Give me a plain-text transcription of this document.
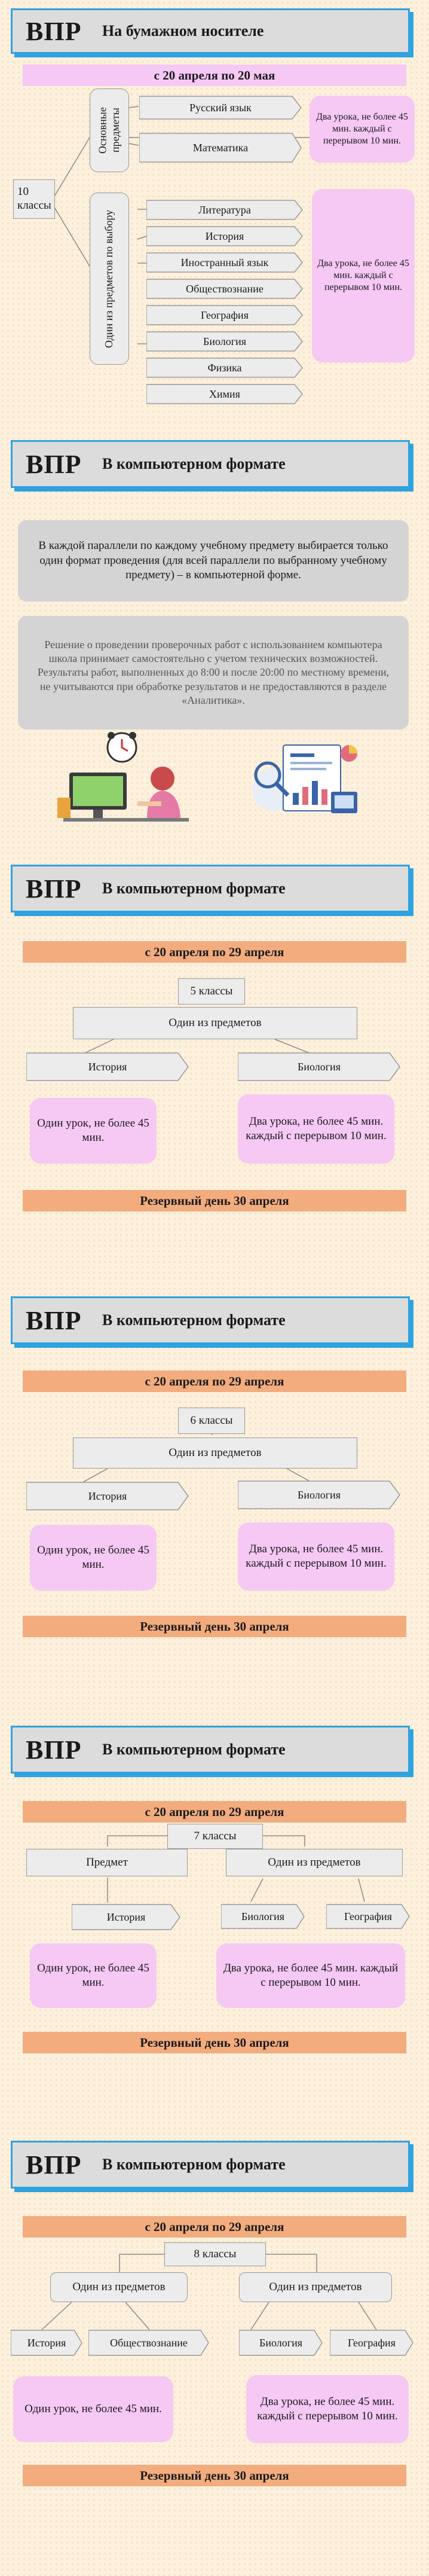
ВПР	На бумажном носителе
с 20 апреля по 20 мая
10 классы
Основные предметы
Один из предметов по выбору
Русский язык
Математика
Два урока, не более 45 мин. каждый с перерывом 10 мин.
Литература
История
Иностранный язык
Обществознание
География
Биология
Физика
Химия
Два урока, не более 45 мин. каждый с перерывом 10 мин.
ВПР	В компьютерном формате
В каждой параллели по каждому учебному предмету выбирается только один формат проведения (для всей параллели по выбранному учебному предмету) – в компьютерной форме.
Решение о проведении проверочных работ с использованием компьютера школа принимает самостоятельно с учетом технических возможностей. Результаты работ, выполненных до 8:00 и после 20:00 по местному времени, не учитываются при обработке результатов и не предоставляются в разделе «Аналитика».
ВПР	В компьютерном формате
с 20 апреля по 29 апреля
5 классы
Один из предметов
История	Биология
Один урок, не более 45 мин.
Два урока, не более 45 мин. каждый с перерывом 10 мин.
Резервный день 30 апреля
ВПР	В компьютерном формате
с 20 апреля по 29 апреля
6 классы
Один из предметов
История	Биология
Один урок, не более 45 мин.
Два урока, не более 45 мин. каждый с перерывом 10 мин.
Резервный день 30 апреля
ВПР	В компьютерном формате
с 20 апреля по 29 апреля
7 классы
Предмет	Один из предметов
История	Биология	География
Один урок, не более 45 мин.
Два урока, не более 45 мин. каждый с перерывом 10 мин.
Резервный день 30 апреля
ВПР	В компьютерном формате
с 20 апреля по 29 апреля
8 классы
Один из предметов	Один из предметов
История	Обществознание	Биология	География
Один урок, не более 45 мин.
Два урока, не более 45 мин. каждый с перерывом 10 мин.
Резервный день 30 апреля
